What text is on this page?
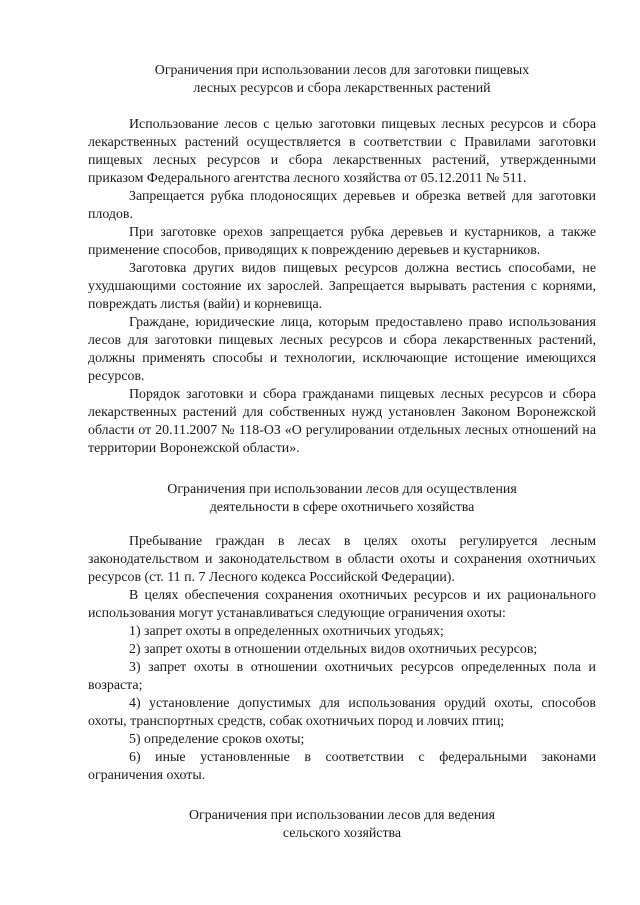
Ограничения при использовании лесов для заготовки пищевых
лесных ресурсов и сбора лекарственных растений
Использование лесов с целью заготовки пищевых лесных ресурсов и сбора лекарственных растений осуществляется в соответствии с Правилами заготовки пищевых лесных ресурсов и сбора лекарственных растений, утвержденными приказом Федерального агентства лесного хозяйства от 05.12.2011 № 511.
Запрещается рубка плодоносящих деревьев и обрезка ветвей для заготовки плодов.
При заготовке орехов запрещается рубка деревьев и кустарников, а также применение способов, приводящих к повреждению деревьев и кустарников.
Заготовка других видов пищевых ресурсов должна вестись способами, не ухудшающими состояние их зарослей. Запрещается вырывать растения с корнями, повреждать листья (вайи) и корневища.
Граждане, юридические лица, которым предоставлено право использования лесов для заготовки пищевых лесных ресурсов и сбора лекарственных растений, должны применять способы и технологии, исключающие истощение имеющихся ресурсов.
Порядок заготовки и сбора гражданами пищевых лесных ресурсов и сбора лекарственных растений для собственных нужд установлен Законом Воронежской области от 20.11.2007 № 118-ОЗ «О регулировании отдельных лесных отношений на территории Воронежской области».
Ограничения при использовании лесов для осуществления
деятельности в сфере охотничьего хозяйства
Пребывание граждан в лесах в целях охоты регулируется лесным законодательством и законодательством в области охоты и сохранения охотничьих ресурсов (ст. 11 п. 7 Лесного кодекса Российской Федерации).
В целях обеспечения сохранения охотничьих ресурсов и их рационального использования могут устанавливаться следующие ограничения охоты:
1) запрет охоты в определенных охотничьих угодьях;
2) запрет охоты в отношении отдельных видов охотничьих ресурсов;
3) запрет охоты в отношении охотничьих ресурсов определенных пола и возраста;
4) установление допустимых для использования орудий охоты, способов охоты, транспортных средств, собак охотничьих пород и ловчих птиц;
5) определение сроков охоты;
6) иные установленные в соответствии с федеральными законами ограничения охоты.
Ограничения при использовании лесов для ведения
сельского хозяйства
